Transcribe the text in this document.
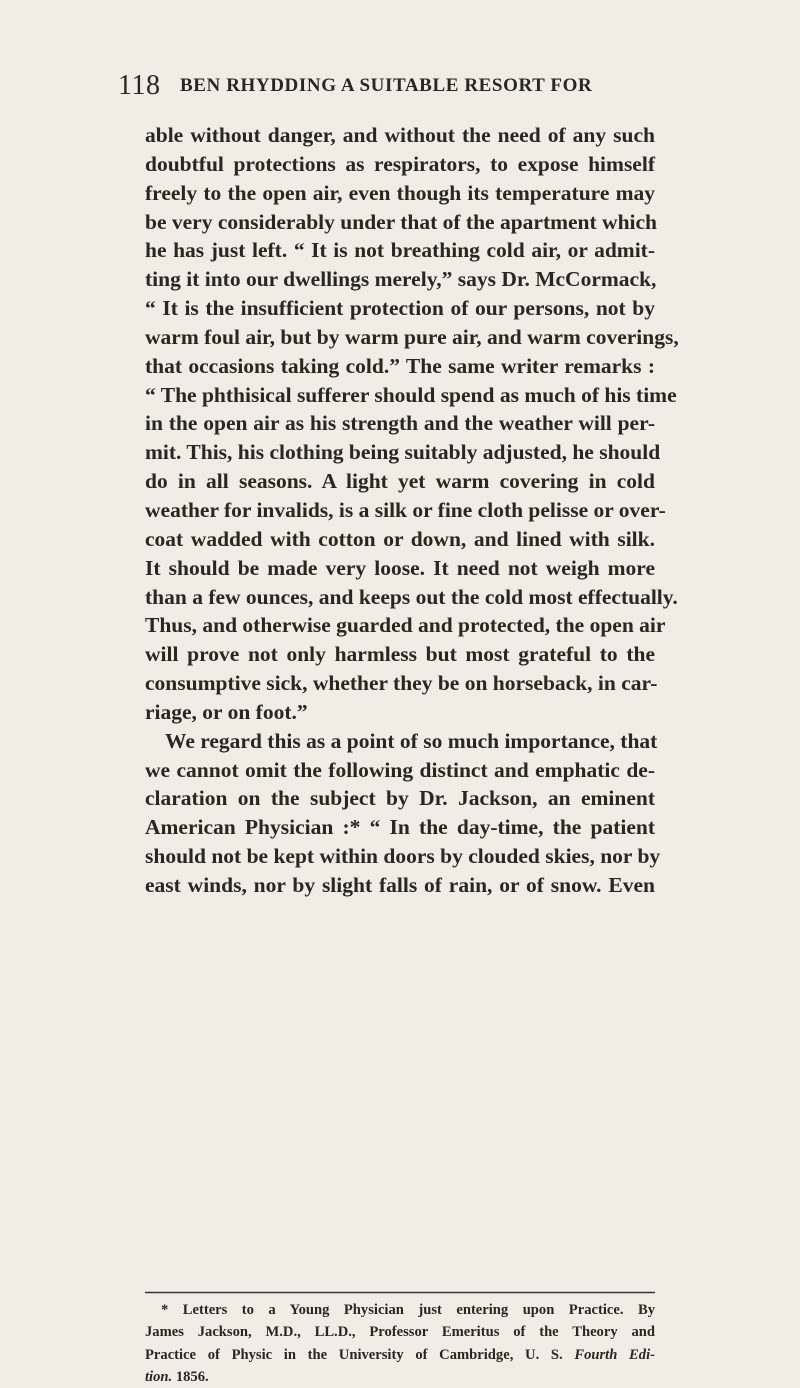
118 BEN RHYDDING A SUITABLE RESORT FOR
able without danger, and without the need of any such
doubtful protections as respirators, to expose himself
freely to the open air, even though its temperature may
be very considerably under that of the apartment which
he has just left. “ It is not breathing cold air, or admit-
ting it into our dwellings merely,” says Dr. McCormack,
“ It is the insufficient protection of our persons, not by
warm foul air, but by warm pure air, and warm coverings,
that occasions taking cold.” The same writer remarks :
“ The phthisical sufferer should spend as much of his time
in the open air as his strength and the weather will per-
mit. This, his clothing being suitably adjusted, he should
do in all seasons. A light yet warm covering in cold
weather for invalids, is a silk or fine cloth pelisse or over-
coat wadded with cotton or down, and lined with silk.
It should be made very loose. It need not weigh more
than a few ounces, and keeps out the cold most effectually.
Thus, and otherwise guarded and protected, the open air
will prove not only harmless but most grateful to the
consumptive sick, whether they be on horseback, in car-
riage, or on foot.”
We regard this as a point of so much importance, that
we cannot omit the following distinct and emphatic de-
claration on the subject by Dr. Jackson, an eminent
American Physician :* “ In the day-time, the patient
should not be kept within doors by clouded skies, nor by
east winds, nor by slight falls of rain, or of snow. Even
* Letters to a Young Physician just entering upon Practice. By
James Jackson, M.D., LL.D., Professor Emeritus of the Theory and
Practice of Physic in the University of Cambridge, U. S. Fourth Edi-
tion. 1856.
